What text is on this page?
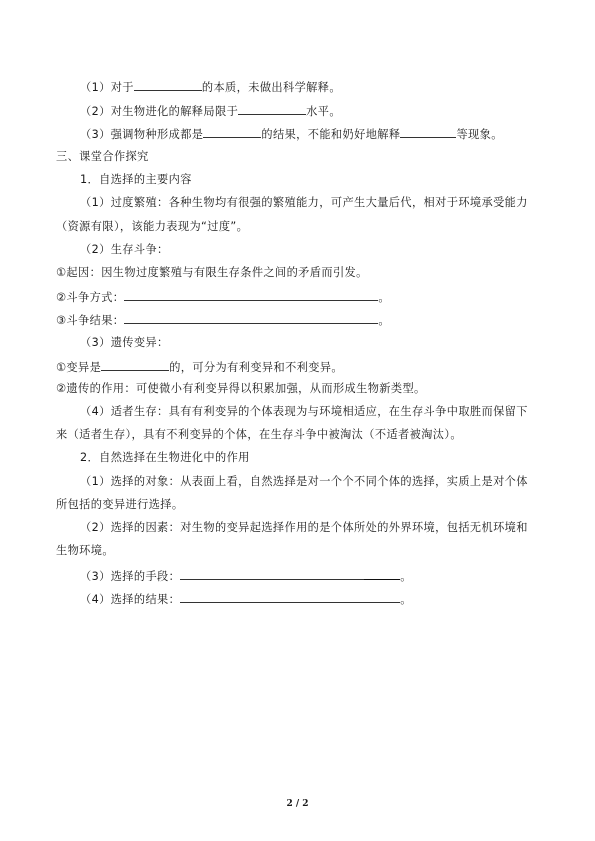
（1）对于	的本质，未做出科学解释。
（2）对生物进化的解释局限于	水平。
（3）强调物种形成都是	的结果，不能和奶好地解释	等现象。
三、课堂合作探究
1．自选择的主要内容
（1）过度繁殖：各种生物均有很强的繁殖能力，可产生大量后代，相对于环境承受能力
（资源有限），该能力表现为“过度”。
（2）生存斗争：
①起因：因生物过度繁殖与有限生存条件之间的矛盾而引发。
②斗争方式：	。
③斗争结果：	。
（3）遗传变异：
①变异是	的，可分为有利变异和不利变异。
②遗传的作用：可使微小有利变异得以积累加强，从而形成生物新类型。
（4）适者生存：具有有利变异的个体表现为与环境相适应，在生存斗争中取胜而保留下
来（适者生存），具有不利变异的个体，在生存斗争中被淘汰（不适者被淘汰）。
2．自然选择在生物进化中的作用
（1）选择的对象：从表面上看，自然选择是对一个个不同个体的选择，实质上是对个体
所包括的变异进行选择。
（2）选择的因素：对生物的变异起选择作用的是个体所处的外界环境，包括无机环境和
生物环境。
（3）选择的手段：	。
（4）选择的结果：	。
2 / 2
